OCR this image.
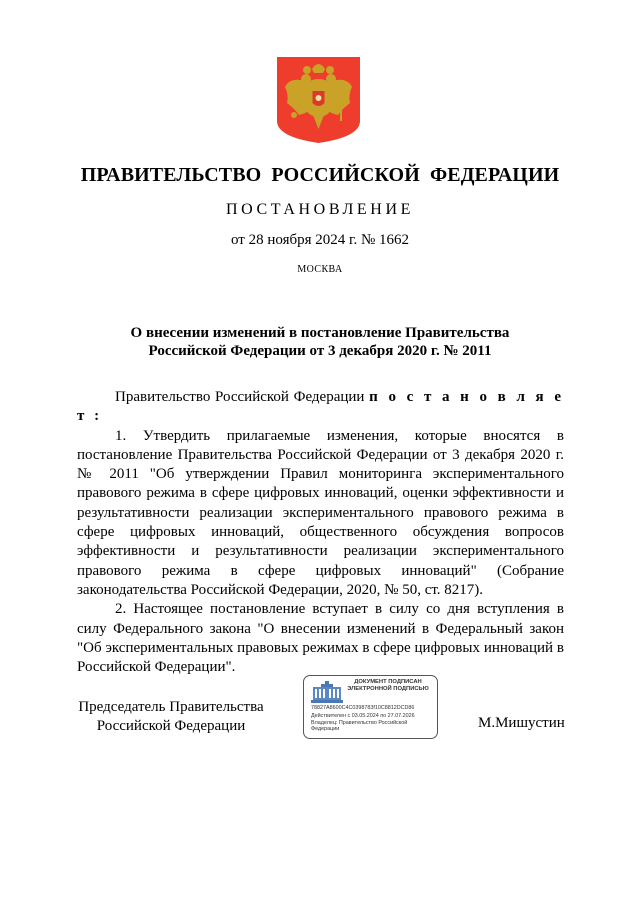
ПРАВИТЕЛЬСТВО РОССИЙСКОЙ ФЕДЕРАЦИИ
ПОСТАНОВЛЕНИЕ
от 28 ноября 2024 г. № 1662
МОСКВА
О внесении изменений в постановление Правительства
Российской Федерации от 3 декабря 2020 г. № 2011

Правительство Российской Федерации п о с т а н о в л я е т :

1. Утвердить прилагаемые изменения, которые вносятся в постановление Правительства Российской Федерации от 3 декабря 2020 г. № 2011 "Об утверждении Правил мониторинга экспериментального правового режима в сфере цифровых инноваций, оценки эффективности и результативности реализации экспериментального правового режима в сфере цифровых инноваций, общественного обсуждения вопросов эффективности и результативности реализации экспериментального правового режима в сфере цифровых инноваций" (Собрание законодательства Российской Федерации, 2020, № 50, ст. 8217).

2. Настоящее постановление вступает в силу со дня вступления в силу Федерального закона "О внесении изменений в Федеральный закон "Об экспериментальных правовых режимах в сфере цифровых инноваций в Российской Федерации".

Председатель Правительства
Российской Федерации
ДОКУМЕНТ ПОДПИСАН
ЭЛЕКТРОННОЙ ПОДПИСЬЮ
78827A8600C4C0398783f10C8812DCD86
Действителен с 03.05.2024 по 27.07.2026
Владелец: Правительство Российской Федерации	М.Мишустин
